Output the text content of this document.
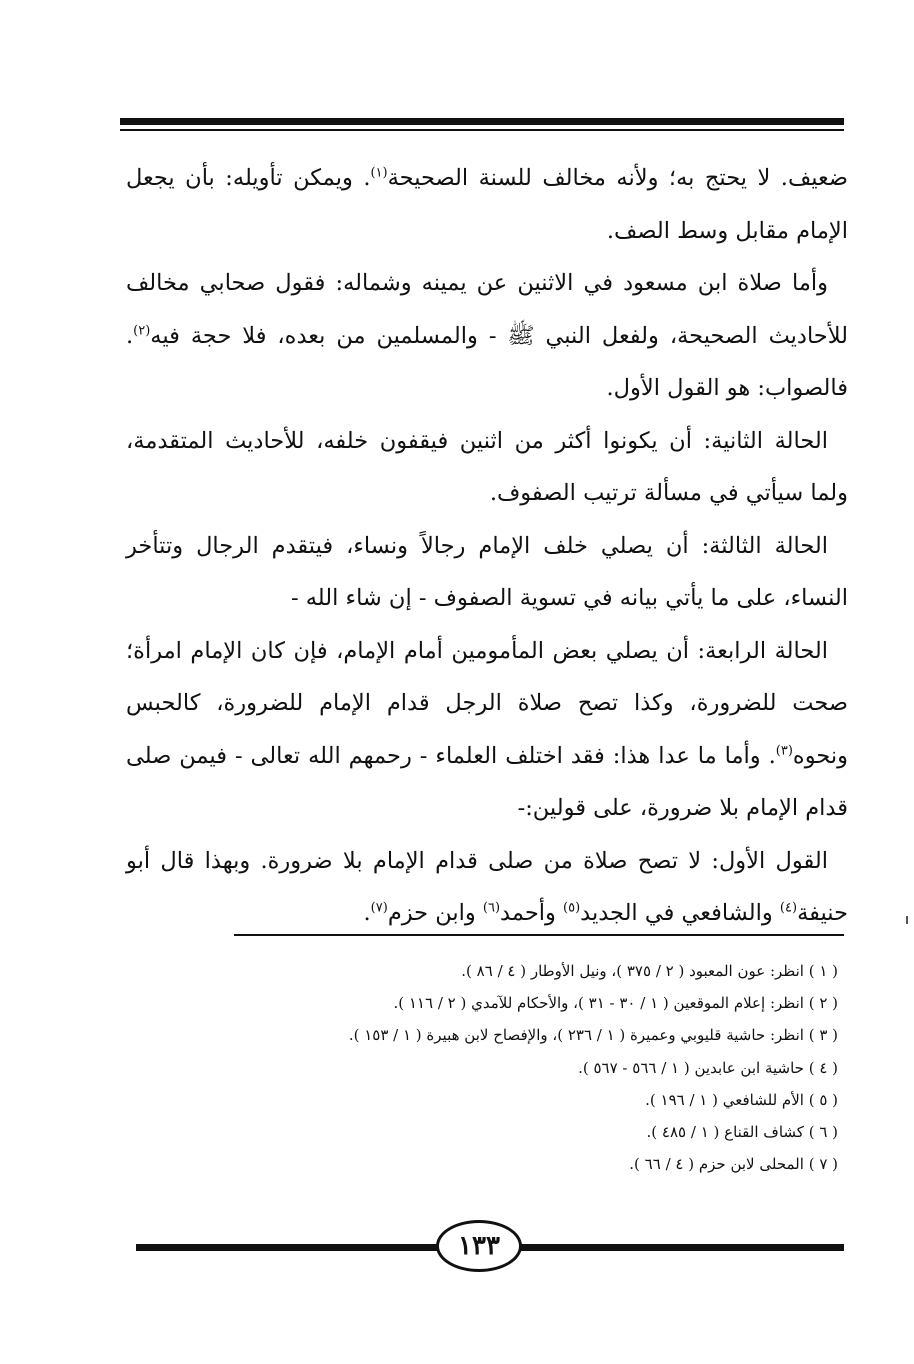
ضعيف. لا يحتج به؛ ولأنه مخالف للسنة الصحيحة$^{(١)}$. ويمكن تأويله: بأن يجعل الإمام مقابل وسط الصف.

وأما صلاة ابن مسعود في الاثنين عن يمينه وشماله: فقول صحابي مخالف للأحاديث الصحيحة، ولفعل النبي ﷺ - والمسلمين من بعده، فلا حجة فيه$^{(٢)}$. فالصواب: هو القول الأول.

الحالة الثانية: أن يكونوا أكثر من اثنين فيقفون خلفه، للأحاديث المتقدمة، ولما سيأتي في مسألة ترتيب الصفوف.

الحالة الثالثة: أن يصلي خلف الإمام رجالاً ونساء، فيتقدم الرجال وتتأخر النساء، على ما يأتي بيانه في تسوية الصفوف - إن شاء الله -

الحالة الرابعة: أن يصلي بعض المأمومين أمام الإمام، فإن كان الإمام امرأة؛ صحت للضرورة، وكذا تصح صلاة الرجل قدام الإمام للضرورة، كالحبس ونحوه$^{(٣)}$. وأما ما عدا هذا: فقد اختلف العلماء - رحمهم الله تعالى - فيمن صلى قدام الإمام بلا ضرورة، على قولين:-

القول الأول: لا تصح صلاة من صلى قدام الإمام بلا ضرورة. وبهذا قال أبو حنيفة$^{(٤)}$ والشافعي في الجديد$^{(٥)}$ وأحمد$^{(٦)}$ وابن حزم$^{(٧)}$.

( ١ ) انظر: عون المعبود ( ٢ / ٣٧٥ )، ونيل الأوطار ( ٤ / ٨٦ ).
( ٢ ) انظر: إعلام الموقعين ( ١ / ٣٠ - ٣١ )، والأحكام للآمدي ( ٢ / ١١٦ ).
( ٣ ) انظر: حاشية قليوبي وعميرة ( ١ / ٢٣٦ )، والإفصاح لابن هبيرة ( ١ / ١٥٣ ).
( ٤ ) حاشية ابن عابدين ( ١ / ٥٦٦ - ٥٦٧ ).
( ٥ ) الأم للشافعي ( ١ / ١٩٦ ).
( ٦ ) كشاف القناع ( ١ / ٤٨٥ ).
( ٧ ) المحلى لابن حزم ( ٤ / ٦٦ ).
١٣٣
